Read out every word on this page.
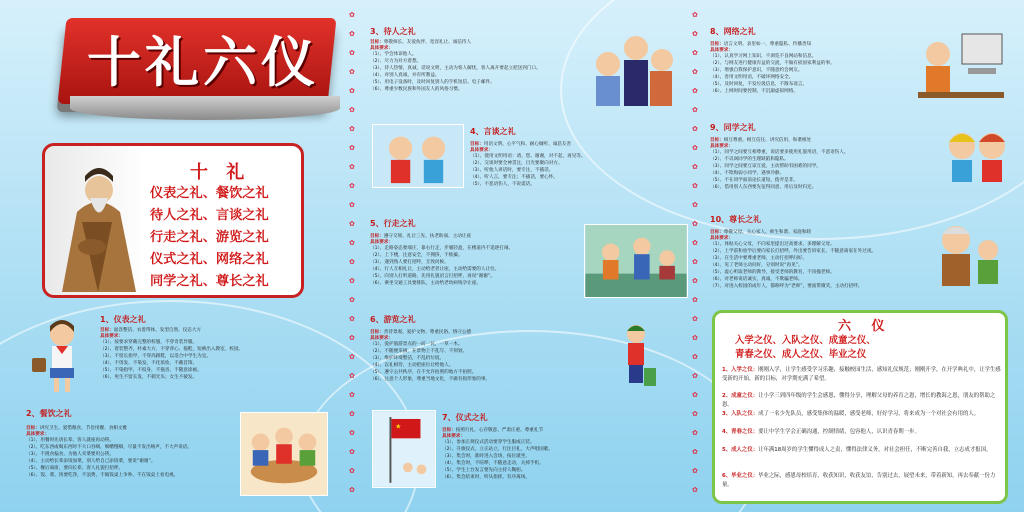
十礼六仪
十 礼
仪表之礼、餐饮之礼
待人之礼、言谈之礼
行走之礼、游览之礼
仪式之礼、网络之礼
同学之礼、尊长之礼
★
1、仪表之礼
目标：面容整洁、衣着得体、发型自然、仪态大方
具体要求：
（1）、按要求穿戴完整的校服，不穿奇装异服。
（2）、着装整齐，朴素大方，不穿背心、拖鞋，短裤出入教室、校园。
（3）、不留长指甲，不穿高跟鞋，以适合中学生为宜。
（4）、不烫发、不染发，不化浓妆，不戴首饰。
（5）、不染指甲、不纹身，不拖沓、不随意涂画。
（6）、男生不留长发，不剃光头；女生不披发。
2、餐饮之礼
目标：讲究卫生、爱惜粮食、节俭用餐、食相文雅
具体要求：
（1）、用餐时先请长辈、客人就座再动筷。
（2）、吃东西或喝东西时不大口吞咽，细嚼慢咽，尽量不发出响声，不大声说话。
（3）、不挑食偏食，为他人夹菜要用公筷。
（4）、主动给长辈添饭加菜，别人给自己添饭菜，要说“谢谢”。
（5）、餐后离席，要向长辈、客人礼貌打招呼。
（6）、饭、菜、汤要吃净，不浪费，不做饭桌上争吵、不在饭桌上看电视。
3、待人之礼
目标：尊敬师长、友爱伙伴、宽容礼让、诚信待人
具体要求：
（1）、学会体谅他人。
（2）、尽力为对方着想。
（3）、待人热情，真诚，话说文明，主动为客人解忧，客人离开要起立把送到门口。
（4）、对别人真诚，并有所教益。
（5）、用电子设备时，及时回复别人的手机短信、电子邮件。
（6）、尊重少数民族和外国友人的风俗习惯。
4、言谈之礼
目标：用语文明、心平气和、耐心倾听、诚恳友善
具体要求：
（1）、使用文明用语：请、您、谢谢，对不起，再见等。
（2）、交谈时要全神贯注，目光要聚向对方。
（3）、听他人讲话时，要专注，不插话。
（4）、听人言，要专注；不插话，要心怀。
（5）、不恶语伤人，不说谎话。
5、行走之礼
目标：遵守交规、礼让三先、扶老助弱、主动让座
具体要求：
（1）、走路姿态要端庄，靠右行走，步履轻盈，在楼道内不追逐打闹。
（2）、上下楼，注意安全，不拥挤，不推搡。
（3）、遇到熟人要打招呼，互致问候。
（4）、行人互相礼让，主动给老者让座，主动给需要的人让位。
（5）、向别人打听道路，先用礼貌语言打招呼，再说“谢谢”。
（6）、乘坐交通工具要排队，主动给老幼病残孕让座。
6、游览之礼
目标：善待景观、爱护文物、尊重民俗、恪守公德
具体要求：
（1）、爱护旅游景点的一砖一瓦，一草一木。
（2）、不随便采摘，在景物上不乱写、不刻划。
（3）、维护环境整洁，不乱扔垃圾。
（4）、以礼相待，主动把座位让给他人。
（5）、遵守公共秩序，在不允许拍照的地方不拍照。
（6）、注意个人形象，尊重当地文化，不做有损形象的事。
7、仪式之礼
目标：按照行礼、心存敬意、严肃庄重、尊重礼节
具体要求：
（1）、参加正规仪式活动要穿学生服或正装。
（2）、升旗仪式，立正站立，行注目礼，大声唱国歌。
（3）、集会时，准时进入会场，按位就坐。
（4）、集会时，不喧哗，不随意走动，关掉手机。
（5）、学生上台发言要先向主持人鞠躬。
（6）、集会结束时，听从指挥，有序离场。
8、网络之礼
目标：语言文明、表里如一、尊重隐私、传播善知
具体要求：
（1）、认真学习网上知识，不浏览不良网站和信息。
（2）、与网友进行健康有益的交流，不做有损国家利益的事。
（3）、增强自我保护意识，不随意约会网友。
（4）、善用文明用语，不破坏网络安全。
（5）、及时回复，不发垃圾信息，不散布谣言。
（6）、上网时间要控制，不沉溺虚拟网络。
9、同学之礼
目标：相互尊重、相互信任、讲究信用、和谐相处
具体要求：
（1）、同学之间要互相尊重，说话要多使用礼貌用语，不恶语伤人。
（2）、不讥讽同学的生理缺陷和隐私。
（3）、同学之间要互谅互爱，主动帮助有困难的同学。
（4）、不欺侮弱小同学，遇事冷静。
（5）、不在同学面前论长道短，拨弄是非。
（6）、借用别人东西要先征得同意，用后及时归还。
10、尊长之礼
目标：尊敬父母、关心家人、师生和谐、家庭和睦
具体要求：
（1）、体贴关心父母，不向家里提出过高要求，多理解父母。
（2）、上学前和放学后要向家长打招呼，外出要告诉家长，不随意离家在外过夜。
（3）、在生活中要尊重老师，主动打招呼问好。
（4）、见了老师主动问好，分别时说“再见”。
（5）、虚心听取老师的教导，接受老师的教育，不顶撞老师。
（6）、对老师说话诚实，真诚，不欺骗老师。
（7）、对进入校园的成年人，都称呼为“老师”，要面带微笑，主动打招呼。
六 仪
入学之仪、入队之仪、成童之仪、
青春之仪、成人之仪、毕业之仪
1、入学之仪：刚刚入学，让学生感受学习乐趣，接触校园生活，感知礼仪规范；刚刚开学，在开学典礼中，让学生感受新的开始，新的目标，对学期充满了希望。
2、成童之仪：让小学三到四年级的学生会感恩，懂得分享，理解父母的养育之恩，增长的教诲之恩，朋友的帮助之恩。
3、入队之仪：成了一名少先队员，感受集体的温暖，感受老师，好好学习，将来成为一个对社会有用的人。
4、青春之仪：要让中学生学会正确沟通，控制情绪，包容他人，认识青春期一步。
5、成人之仪：让年满18周岁的学生懂得成人之责，懂得法律义务，对社会担任，不断完善自我，立志成才报国。
6、毕业之仪：毕业之际，感恩母校培育，收获知识，收获友谊，告别过去，展望未来，带着新知，再去奉献一份力量。
✿
✿
✿
✿
✿
✿
✿
✿
✿
✿
✿
✿
✿
✿
✿
✿
✿
✿
✿
✿
✿
✿
✿
✿
✿
✿
✿
✿
✿
✿
✿
✿
✿
✿
✿
✿
✿
✿
✿
✿
✿
✿
✿
✿
✿
✿
✿
✿
✿
✿
✿
✿
